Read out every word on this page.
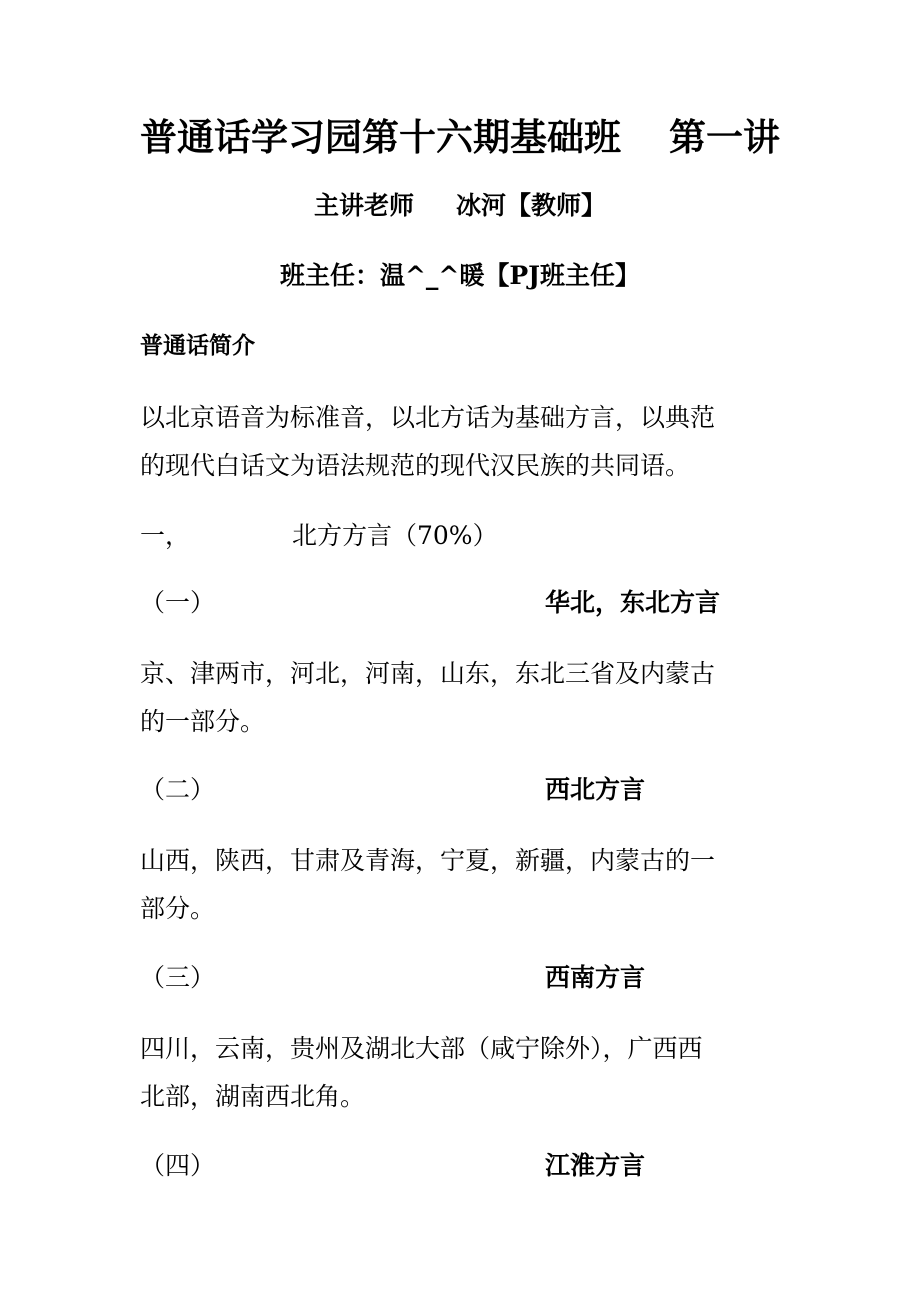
普通话学习园第十六期基础班 第一讲
主讲老师 冰河【教师】
班主任：温^_^暖【PJ班主任】
普通话简介

以北京语音为标准音，以北方话为基础方言，以典范
的现代白话文为语法规范的现代汉民族的共同语。

一，	北方方言（70%）
（一）	华北，东北方言

京、津两市，河北，河南，山东，东北三省及内蒙古
的一部分。

（二）	西北方言

山西，陕西，甘肃及青海，宁夏，新疆，内蒙古的一
部分。

（三）	西南方言

四川，云南，贵州及湖北大部（咸宁除外），广西西
北部，湖南西北角。

（四）	江淮方言
